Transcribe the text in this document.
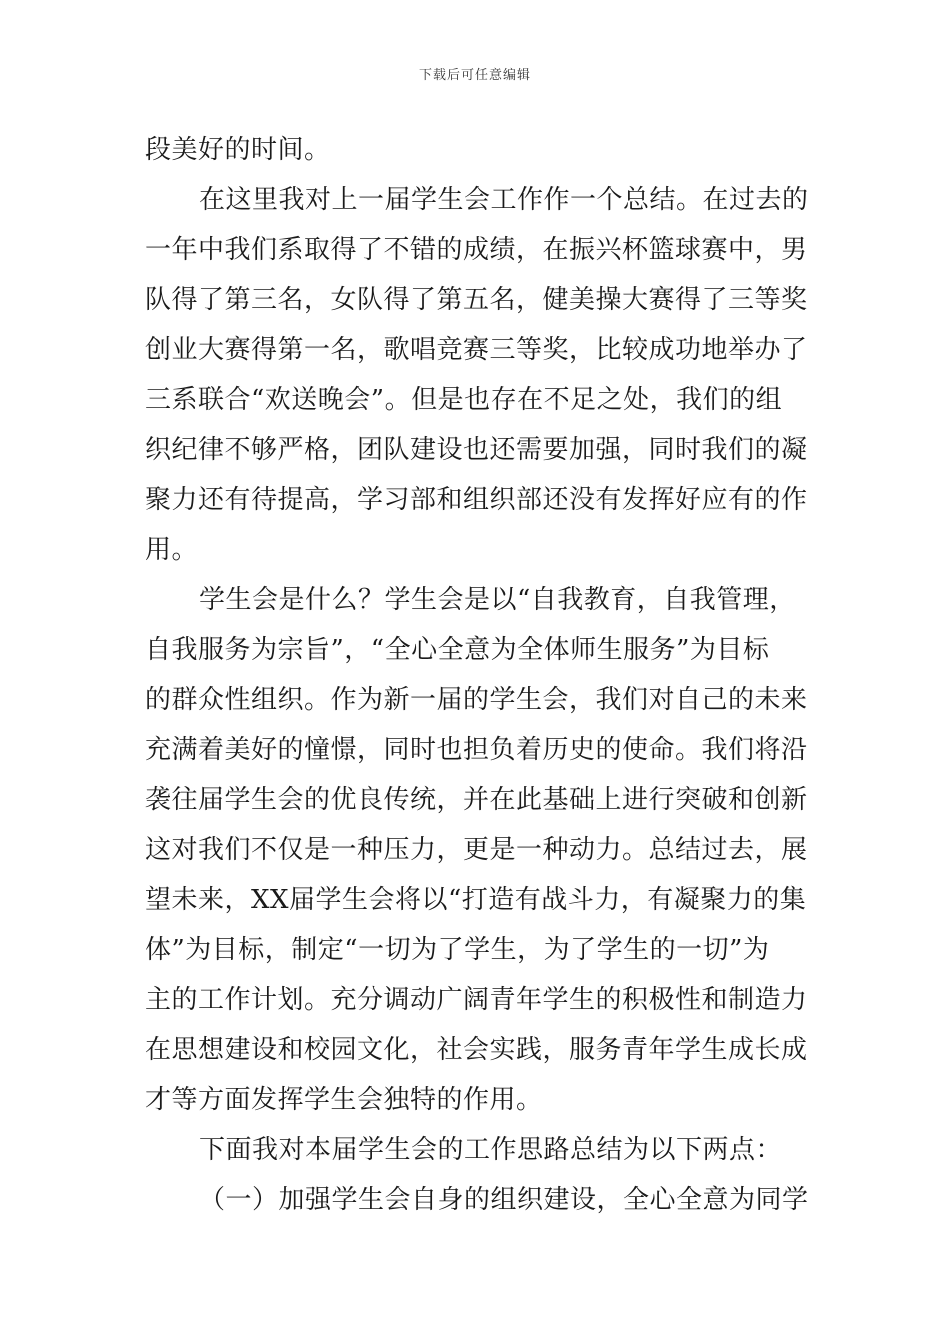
下载后可任意编辑
段美好的时间。
在这里我对上一届学生会工作作一个总结。在过去的
一年中我们系取得了不错的成绩，在振兴杯篮球赛中，男
队得了第三名，女队得了第五名，健美操大赛得了三等奖
创业大赛得第一名，歌唱竞赛三等奖，比较成功地举办了
三系联合“欢送晚会”。但是也存在不足之处，我们的组
织纪律不够严格，团队建设也还需要加强，同时我们的凝
聚力还有待提高，学习部和组织部还没有发挥好应有的作
用。
学生会是什么？学生会是以“自我教育，自我管理，
自我服务为宗旨”，“全心全意为全体师生服务”为目标
的群众性组织。作为新一届的学生会，我们对自己的未来
充满着美好的憧憬，同时也担负着历史的使命。我们将沿
袭往届学生会的优良传统，并在此基础上进行突破和创新
这对我们不仅是一种压力，更是一种动力。总结过去，展
望未来，XX届学生会将以“打造有战斗力，有凝聚力的集
体”为目标，制定“一切为了学生，为了学生的一切”为
主的工作计划。充分调动广阔青年学生的积极性和制造力
在思想建设和校园文化，社会实践，服务青年学生成长成
才等方面发挥学生会独特的作用。
下面我对本届学生会的工作思路总结为以下两点：
（一）加强学生会自身的组织建设，全心全意为同学
